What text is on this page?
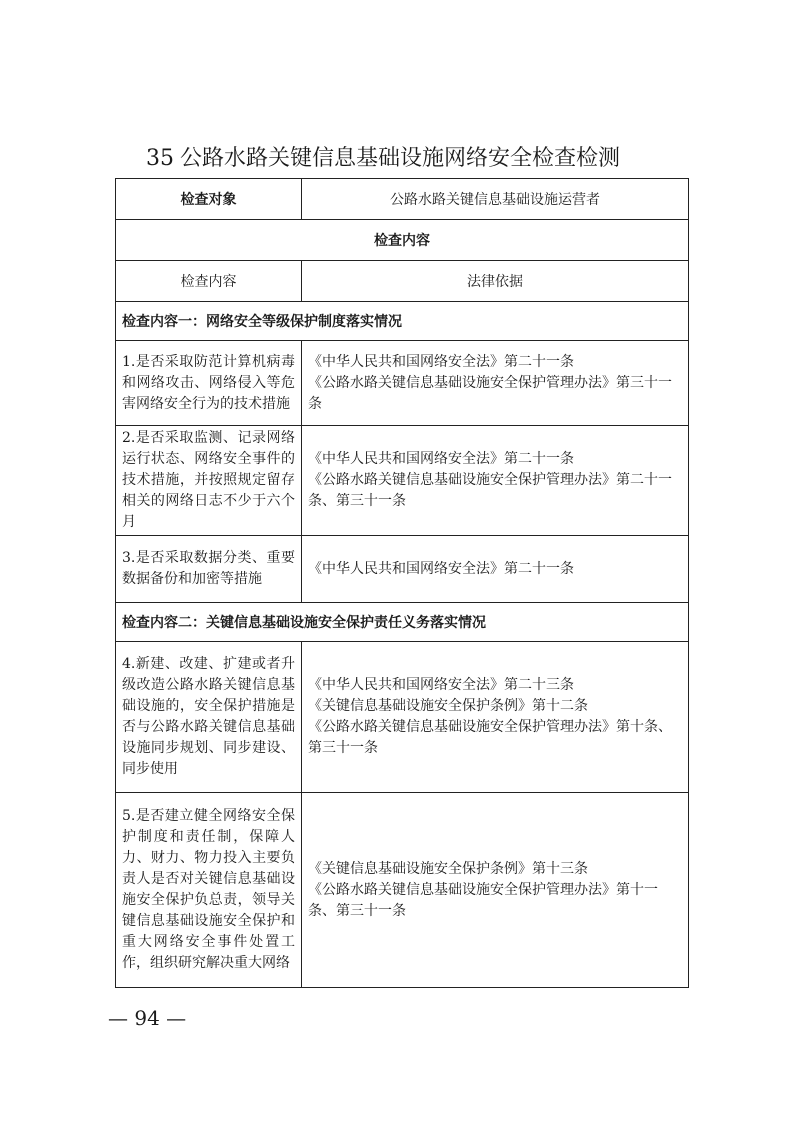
35 公路水路关键信息基础设施网络安全检查检测
检查对象	公路水路关键信息基础设施运营者
检查内容	
检查内容	法律依据
检查内容一：网络安全等级保护制度落实情况	
1.是否采取防范计算机病毒和网络攻击、网络侵入等危害网络安全行为的技术措施	《中华人民共和国网络安全法》第二十一条
《公路水路关键信息基础设施安全保护管理办法》第三十一条

2.是否采取监测、记录网络运行状态、网络安全事件的技术措施，并按照规定留存相关的网络日志不少于六个月	《中华人民共和国网络安全法》第二十一条
《公路水路关键信息基础设施安全保护管理办法》第二十一条、第三十一条

3.是否采取数据分类、重要数据备份和加密等措施	《中华人民共和国网络安全法》第二十一条

检查内容二：关键信息基础设施安全保护责任义务落实情况	
4.新建、改建、扩建或者升级改造公路水路关键信息基础设施的，安全保护措施是否与公路水路关键信息基础设施同步规划、同步建设、同步使用	《中华人民共和国网络安全法》第二十三条
《关键信息基础设施安全保护条例》第十二条
《公路水路关键信息基础设施安全保护管理办法》第十条、第三十一条

5.是否建立健全网络安全保护制度和责任制，保障人力、财力、物力投入主要负责人是否对关键信息基础设施安全保护负总责，领导关键信息基础设施安全保护和重大网络安全事件处置工作，组织研究解决重大网络	《关键信息基础设施安全保护条例》第十三条
《公路水路关键信息基础设施安全保护管理办法》第十一条、第三十一条
— 94 —
